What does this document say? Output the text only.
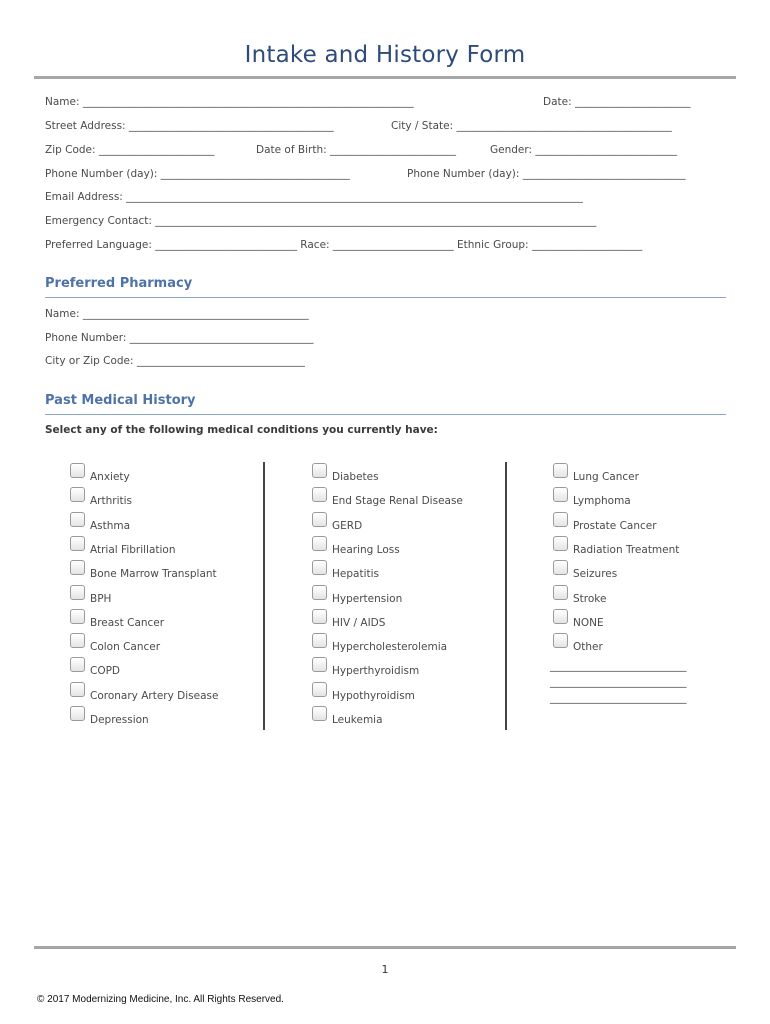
Intake and History Form
Name: _______________________________________________________________	Date: ______________________
Street Address: _______________________________________	City / State: _________________________________________
Zip Code: ______________________	Date of Birth: ________________________	Gender: ___________________________
Phone Number (day): ____________________________________	Phone Number (day): _______________________________
Email Address: _______________________________________________________________________________________
Emergency Contact: ____________________________________________________________________________________
Preferred Language: ___________________________ Race: _______________________ Ethnic Group: _____________________
Preferred Pharmacy
Name: ___________________________________________
Phone Number: ___________________________________
City or Zip Code: ________________________________
Past Medical History
Select any of the following medical conditions you currently have:
Anxiety
Arthritis
Asthma
Atrial Fibrillation
Bone Marrow Transplant
BPH
Breast Cancer
Colon Cancer
COPD
Coronary Artery Disease
Depression
Diabetes
End Stage Renal Disease
GERD
Hearing Loss
Hepatitis
Hypertension
HIV / AIDS
Hypercholesterolemia
Hyperthyroidism
Hypothyroidism
Leukemia
Lung Cancer
Lymphoma
Prostate Cancer
Radiation Treatment
Seizures
Stroke
NONE
Other
__________________________
__________________________
__________________________
1
© 2017 Modernizing Medicine, Inc. All Rights Reserved.
